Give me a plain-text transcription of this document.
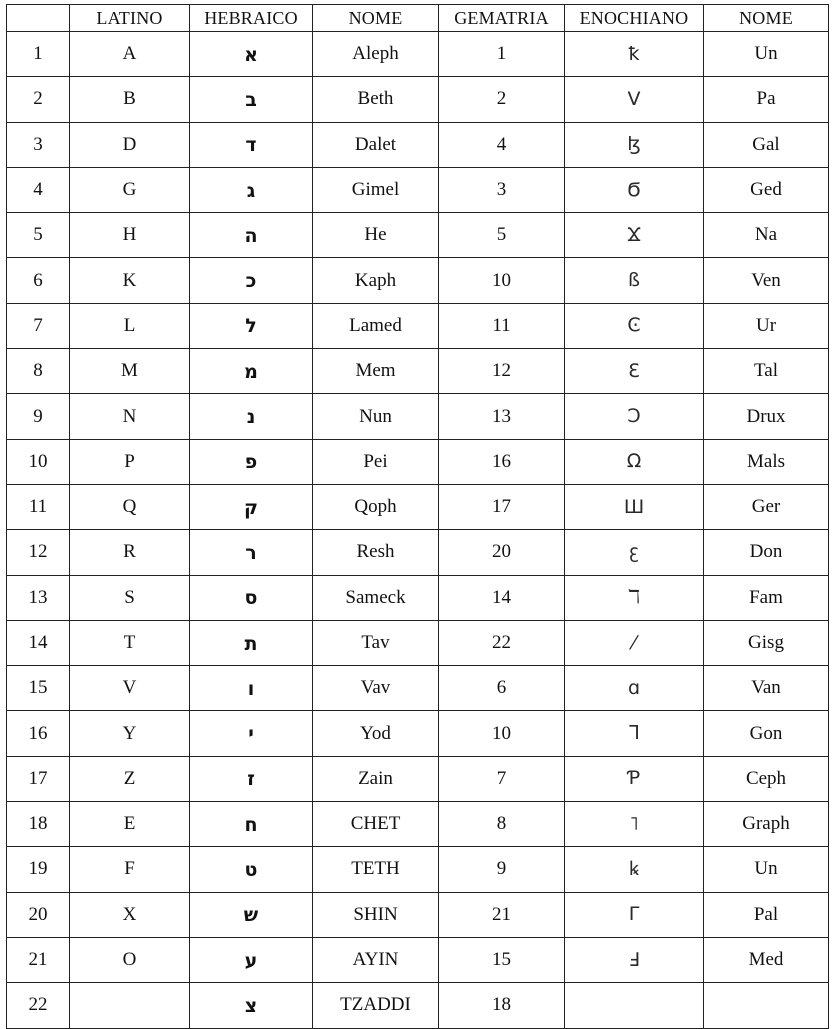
	LATINO	HEBRAICO	NOME	GEMATRIA	ENOCHIANO	NOME
1	A	א	Aleph	1	ꝁ	Un
2	B	ב	Beth	2	V	Pa
3	D	ד	Dalet	4	ɮ	Gal
4	G	ג	Gimel	3	Ϭ	Ged
5	H	ה	He	5	Ϫ	Na
6	K	כ	Kaph	10	ß	Ven
7	L	ל	Lamed	11	Ͼ	Ur
8	M	מ	Mem	12	Ɛ	Tal
9	N	נ	Nun	13	Ɔ	Drux
10	P	פ	Pei	16	Ω	Mals
11	Q	ק	Qoph	17	Ш	Ger
12	R	ר	Resh	20	ꜫ	Don
13	S	ס	Sameck	14	ℸ	Fam
14	T	ת	Tav	22	⁄	Gisg
15	V	ו	Vav	6	ɑ	Van
16	Y	י	Yod	10	ᒣ	Gon
17	Z	ז	Zain	7	Ƥ	Ceph
18	E	ח	CHET	8	˥	Graph
19	F	ט	TETH	9	ꝃ	Un
20	X	ש	SHIN	21	Γ	Pal
21	O	ע	AYIN	15	Ⅎ	Med
22		צ	TZADDI	18		
